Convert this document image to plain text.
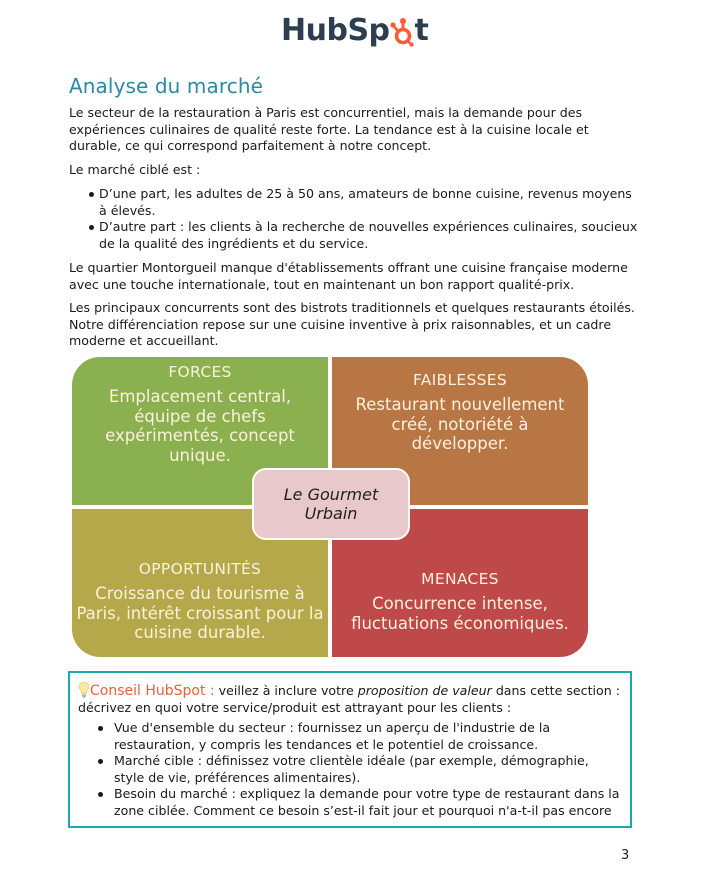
HubSp t
Analyse du marché

Le secteur de la restauration à Paris est concurrentiel, mais la demande pour des expériences culinaires de qualité reste forte. La tendance est à la cuisine locale et durable, ce qui correspond parfaitement à notre concept.

Le marché ciblé est :

D’une part, les adultes de 25 à 50 ans, amateurs de bonne cuisine, revenus moyens à élevés.
D’autre part : les clients à la recherche de nouvelles expériences culinaires, soucieux de la qualité des ingrédients et du service.

Le quartier Montorgueil manque d'établissements offrant une cuisine française moderne avec une touche internationale, tout en maintenant un bon rapport qualité-prix.

Les principaux concurrents sont des bistrots traditionnels et quelques restaurants étoilés. Notre différenciation repose sur une cuisine inventive à prix raisonnables, et un cadre moderne et accueillant.

FORCES
Emplacement central, équipe de chefs expérimentés, concept unique.
FAIBLESSES
Restaurant nouvellement créé, notoriété à développer.
OPPORTUNITÉS
Croissance du tourisme à Paris, intérêt croissant pour la cuisine durable.
MENACES
Concurrence intense, fluctuations économiques.
Le Gourmet Urbain
Conseil HubSpot : veillez à inclure votre proposition de valeur dans cette section : décrivez en quoi votre service/produit est attrayant pour les clients :
Vue d'ensemble du secteur : fournissez un aperçu de l'industrie de la restauration, y compris les tendances et le potentiel de croissance.
Marché cible : définissez votre clientèle idéale (par exemple, démographie, style de vie, préférences alimentaires).
Besoin du marché : expliquez la demande pour votre type de restaurant dans la zone ciblée. Comment ce besoin s’est-il fait jour et pourquoi n'a-t-il pas encore
3
